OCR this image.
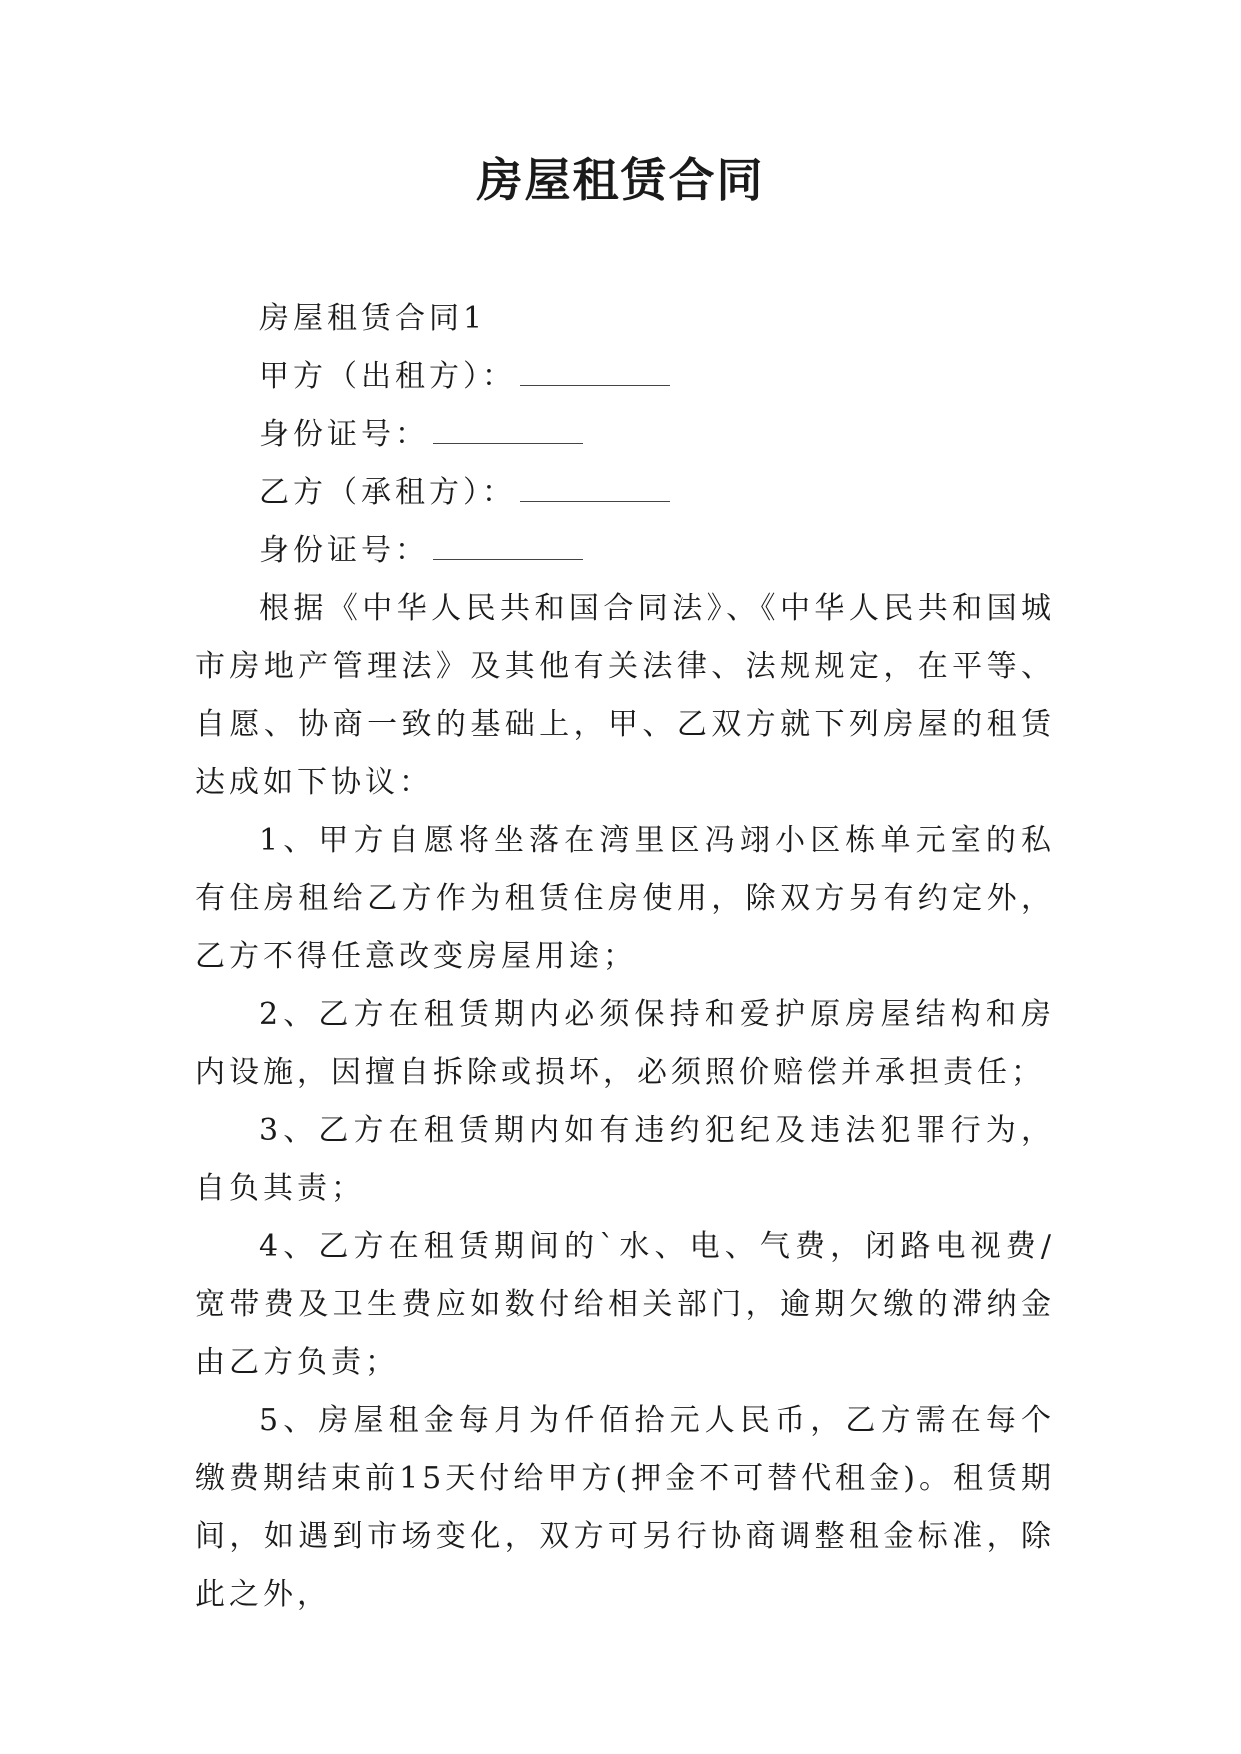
房屋租赁合同

房屋租赁合同1

甲方（出租方）：

身份证号：

乙方（承租方）：

身份证号：

根据《中华人民共和国合同法》、《中华人民共和国城市房地产管理法》及其他有关法律、法规规定，在平等、自愿、协商一致的基础上，甲、乙双方就下列房屋的租赁达成如下协议：

1、甲方自愿将坐落在湾里区冯翊小区栋单元室的私有住房租给乙方作为租赁住房使用，除双方另有约定外，乙方不得任意改变房屋用途；

2、乙方在租赁期内必须保持和爱护原房屋结构和房内设施，因擅自拆除或损坏，必须照价赔偿并承担责任；

3、乙方在租赁期内如有违约犯纪及违法犯罪行为，自负其责；

4、乙方在租赁期间的`水、电、气费，闭路电视费/宽带费及卫生费应如数付给相关部门，逾期欠缴的滞纳金由乙方负责；

5、房屋租金每月为仟佰拾元人民币，乙方需在每个缴费期结束前15天付给甲方(押金不可替代租金)。租赁期间，如遇到市场变化，双方可另行协商调整租金标准，除此之外，
